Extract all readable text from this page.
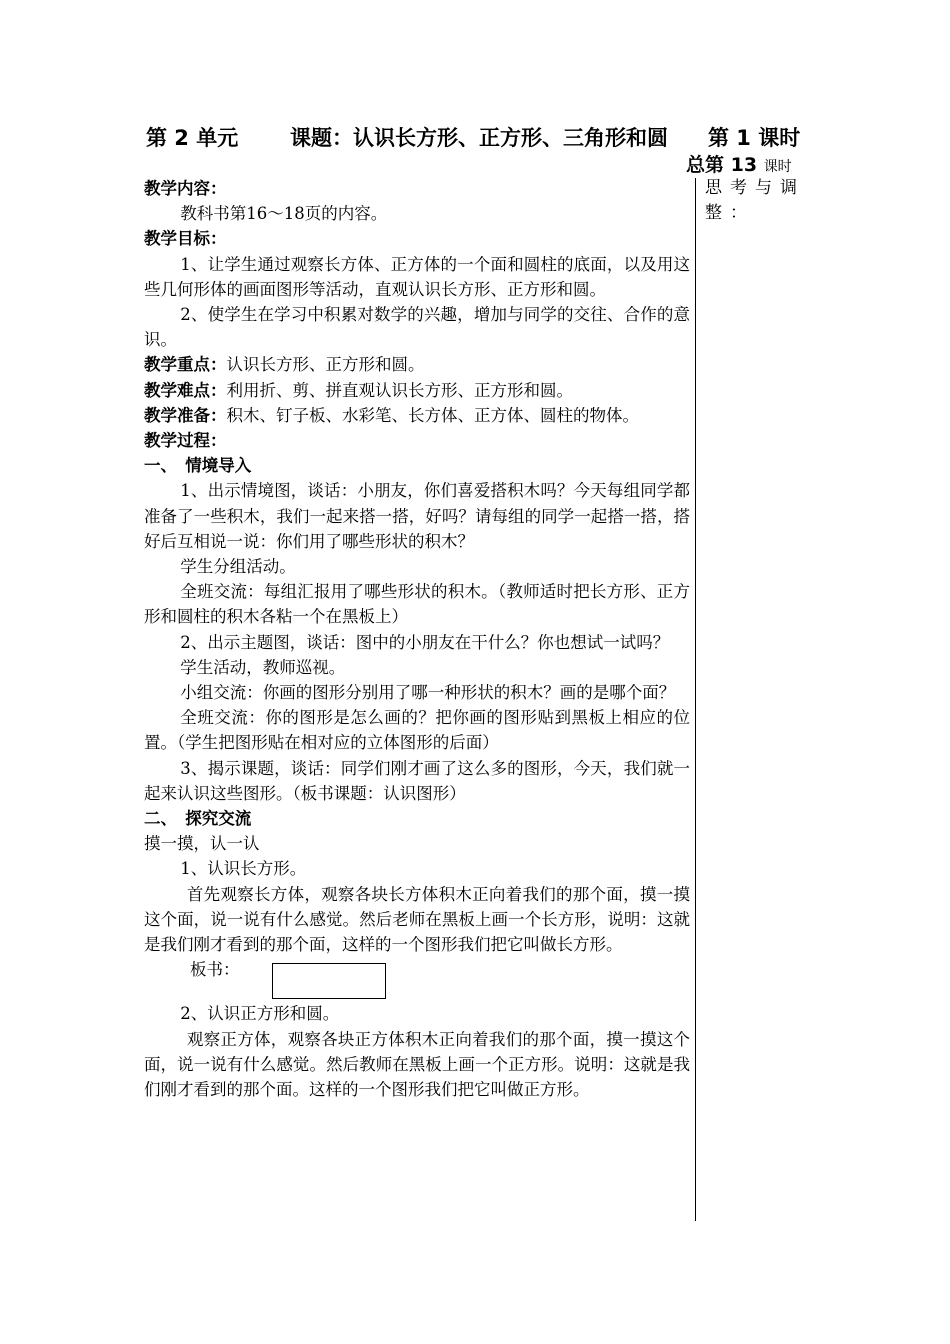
第 2 单元 课题：认识长方形、正方形、三角形和圆 第 1 课时
总第 13 课时
思考与调整：

教学内容：

教科书第16～18页的内容。

教学目标：

1、让学生通过观察长方体、正方体的一个面和圆柱的底面，以及用这些几何形体的画面图形等活动，直观认识长方形、正方形和圆。

2、使学生在学习中积累对数学的兴趣，增加与同学的交往、合作的意识。

教学重点：认识长方形、正方形和圆。

教学难点：利用折、剪、拼直观认识长方形、正方形和圆。

教学准备：积木、钉子板、水彩笔、长方体、正方体、圆柱的物体。

教学过程：

一、　情境导入

1、出示情境图，谈话：小朋友，你们喜爱搭积木吗？今天每组同学都准备了一些积木，我们一起来搭一搭，好吗？请每组的同学一起搭一搭，搭好后互相说一说：你们用了哪些形状的积木？

学生分组活动。

全班交流：每组汇报用了哪些形状的积木。（教师适时把长方形、正方形和圆柱的积木各粘一个在黑板上）

2、出示主题图，谈话：图中的小朋友在干什么？你也想试一试吗？

学生活动，教师巡视。

小组交流：你画的图形分别用了哪一种形状的积木？画的是哪个面？

全班交流：你的图形是怎么画的？把你画的图形贴到黑板上相应的位置。（学生把图形贴在相对应的立体图形的后面）

3、揭示课题，谈话：同学们刚才画了这么多的图形，今天，我们就一起来认识这些图形。（板书课题：认识图形）

二、　探究交流

摸一摸，认一认

1、认识长方形。

首先观察长方体，观察各块长方体积木正向着我们的那个面，摸一摸这个面，说一说有什么感觉。然后老师在黑板上画一个长方形，说明：这就是我们刚才看到的那个面，这样的一个图形我们把它叫做长方形。

板书：

2、认识正方形和圆。

观察正方体，观察各块正方体积木正向着我们的那个面，摸一摸这个面，说一说有什么感觉。然后教师在黑板上画一个正方形。说明：这就是我们刚才看到的那个面。这样的一个图形我们把它叫做正方形。
